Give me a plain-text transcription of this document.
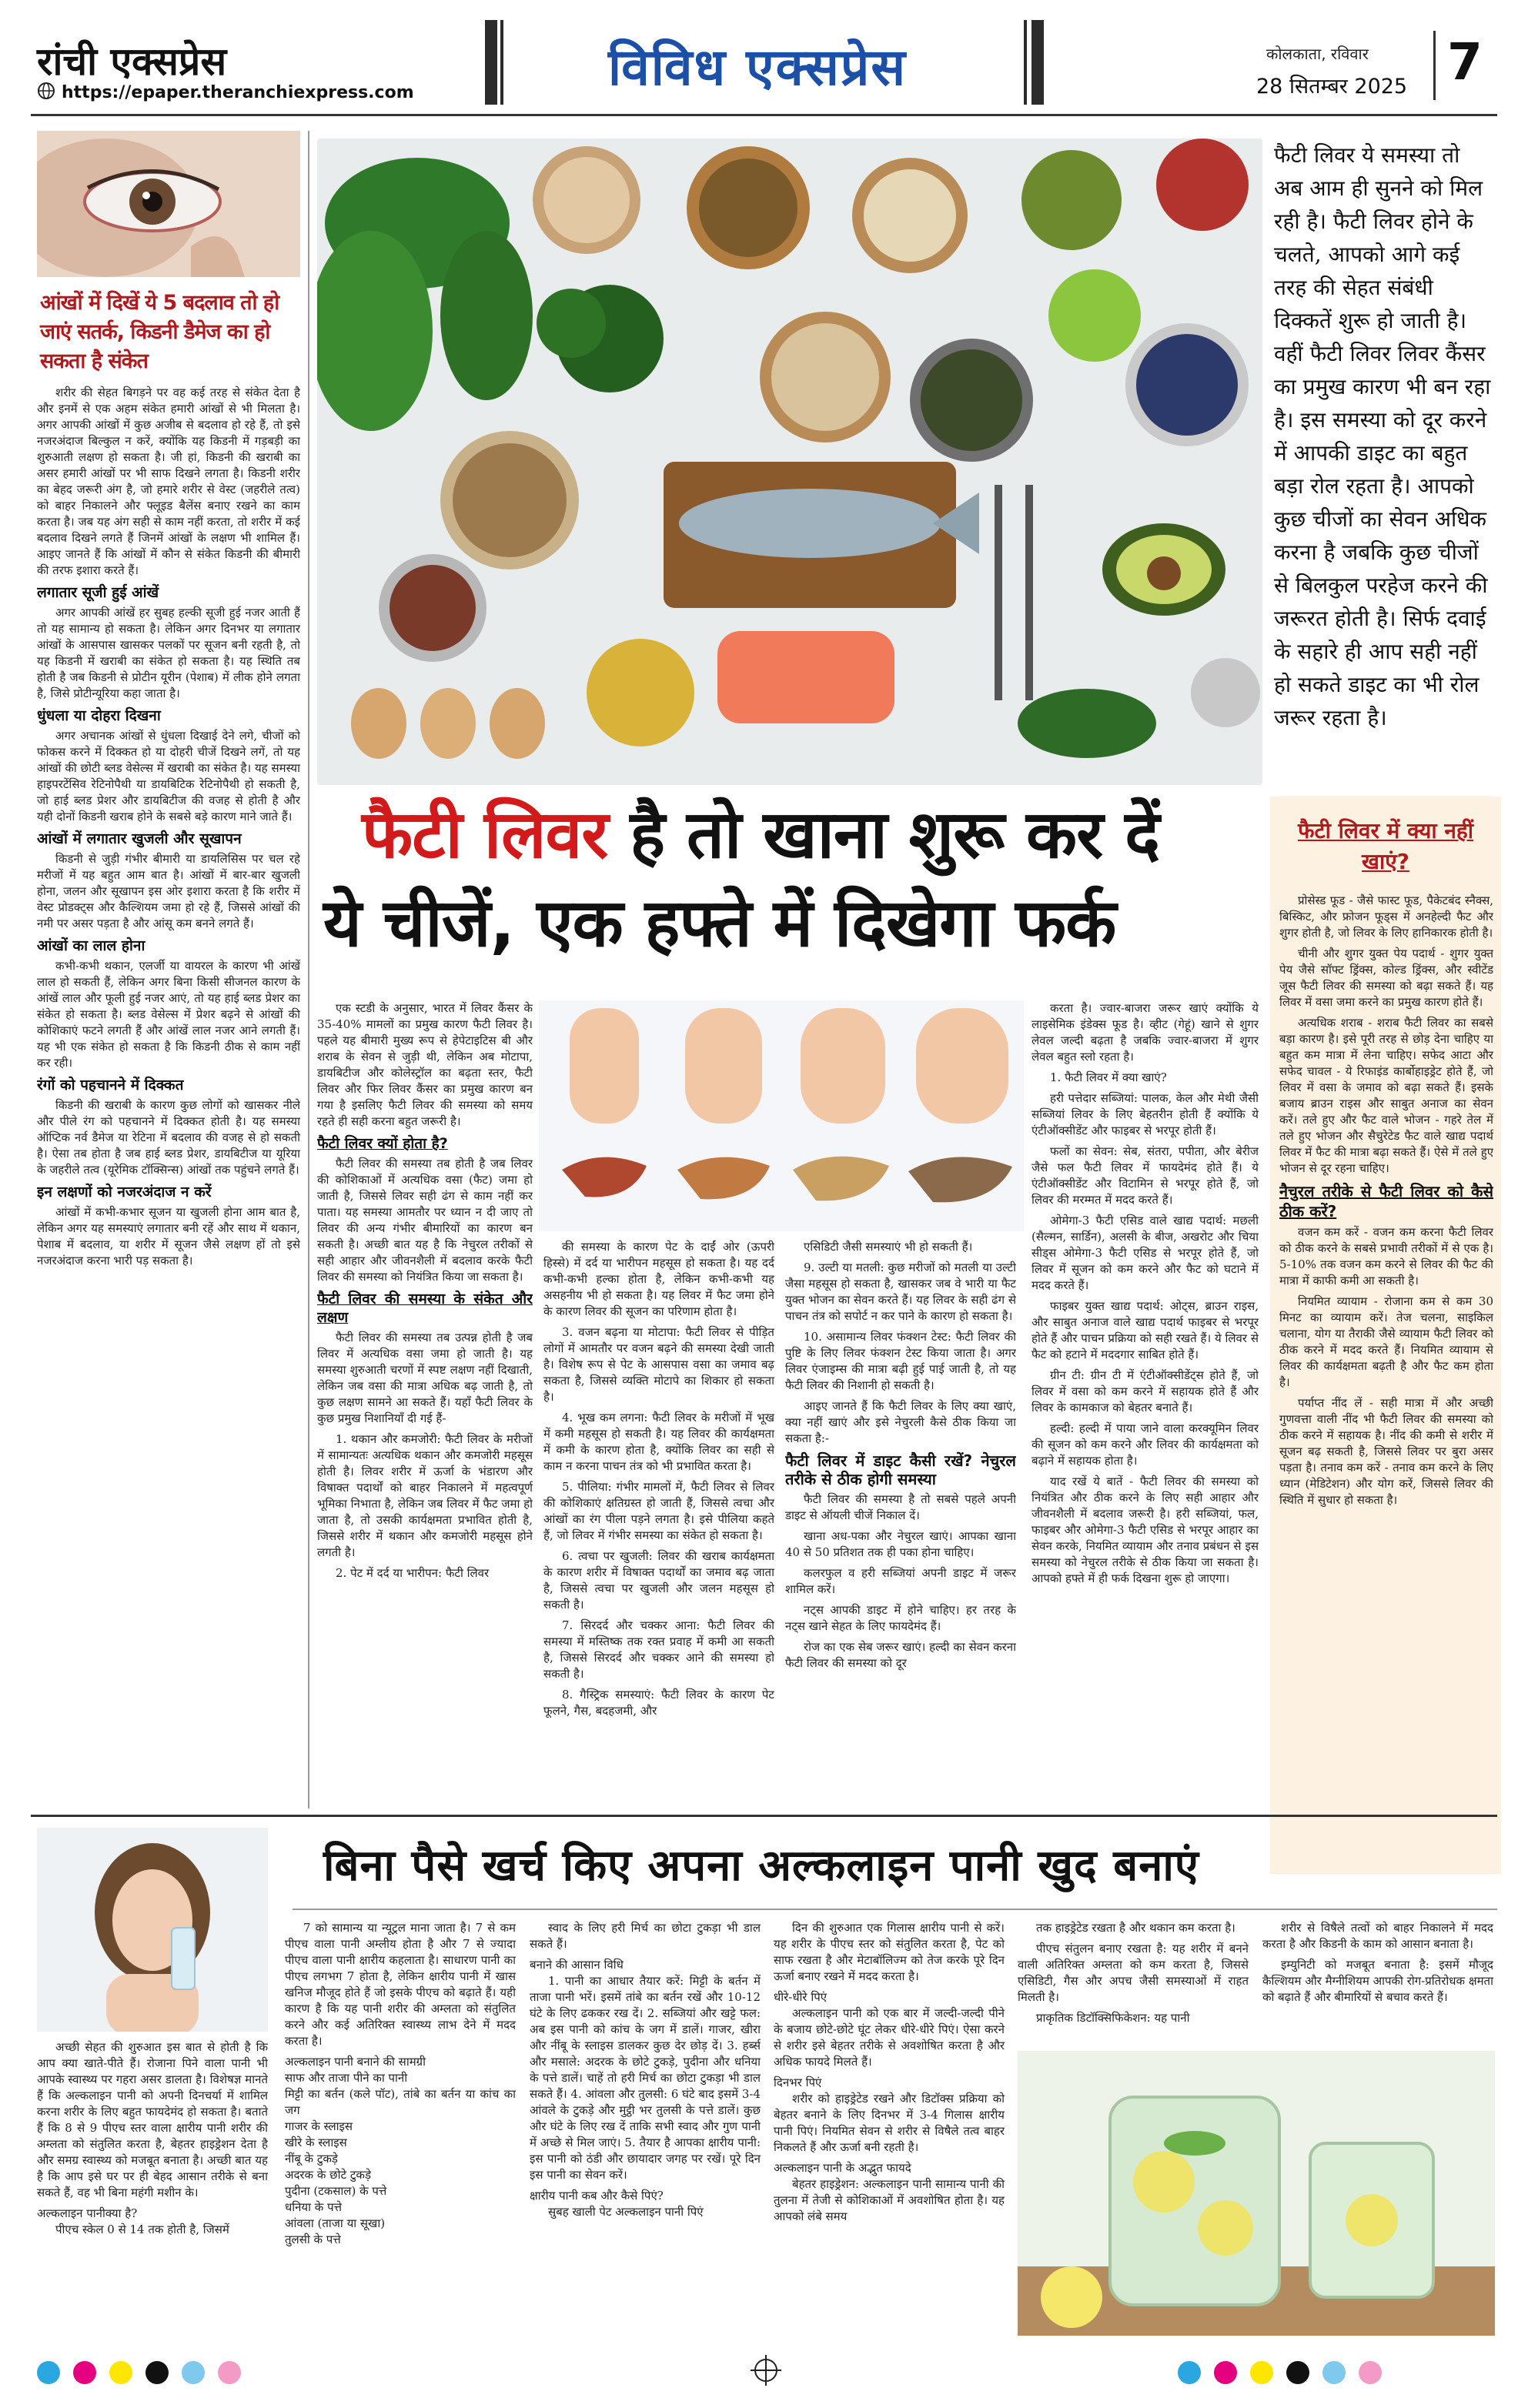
रांची एक्सप्रेस
https://epaper.theranchiexpress.com	विविध एक्सप्रेस	कोलकाता, रविवार
28 सितम्बर 2025 7
आंखों में दिखें ये 5 बदलाव तो हो जाएं सतर्क, किडनी डैमेज का हो सकता है संकेत

शरीर की सेहत बिगड़ने पर वह कई तरह से संकेत देता है और इनमें से एक अहम संकेत हमारी आंखों से भी मिलता है। अगर आपकी आंखों में कुछ अजीब से बदलाव हो रहे हैं, तो इसे नजरअंदाज बिल्कुल न करें, क्योंकि यह किडनी में गड़बड़ी का शुरुआती लक्षण हो सकता है। जी हां, किडनी की खराबी का असर हमारी आंखों पर भी साफ दिखने लगता है। किडनी शरीर का बेहद जरूरी अंग है, जो हमारे शरीर से वेस्ट (जहरीले तत्व) को बाहर निकालने और फ्लूइड बैलेंस बनाए रखने का काम करता है। जब यह अंग सही से काम नहीं करता, तो शरीर में कई बदलाव दिखने लगते हैं जिनमें आंखों के लक्षण भी शामिल हैं। आइए जानते हैं कि आंखों में कौन से संकेत किडनी की बीमारी की तरफ इशारा करते हैं।

लगातार सूजी हुई आंखें

अगर आपकी आंखें हर सुबह हल्की सूजी हुई नजर आती हैं तो यह सामान्य हो सकता है। लेकिन अगर दिनभर या लगातार आंखों के आसपास खासकर पलकों पर सूजन बनी रहती है, तो यह किडनी में खराबी का संकेत हो सकता है। यह स्थिति तब होती है जब किडनी से प्रोटीन यूरीन (पेशाब) में लीक होने लगता है, जिसे प्रोटीन्यूरिया कहा जाता है।

धुंधला या दोहरा दिखना

अगर अचानक आंखों से धुंधला दिखाई देने लगे, चीजों को फोकस करने में दिक्कत हो या दोहरी चीजें दिखने लगें, तो यह आंखों की छोटी ब्लड वेसेल्स में खराबी का संकेत है। यह समस्या हाइपरटेंसिव रेटिनोपैथी या डायबिटिक रेटिनोपैथी हो सकती है, जो हाई ब्लड प्रेशर और डायबिटीज की वजह से होती है और यही दोनों किडनी खराब होने के सबसे बड़े कारण माने जाते हैं।

आंखों में लगातार खुजली और सूखापन

किडनी से जुड़ी गंभीर बीमारी या डायलिसिस पर चल रहे मरीजों में यह बहुत आम बात है। आंखों में बार-बार खुजली होना, जलन और सूखापन इस ओर इशारा करता है कि शरीर में वेस्ट प्रोडक्ट्स और कैल्शियम जमा हो रहे हैं, जिससे आंखों की नमी पर असर पड़ता है और आंसू कम बनने लगते हैं।

आंखों का लाल होना

कभी-कभी थकान, एलर्जी या वायरल के कारण भी आंखें लाल हो सकती हैं, लेकिन अगर बिना किसी सीजनल कारण के आंखें लाल और फूली हुई नजर आएं, तो यह हाई ब्लड प्रेशर का संकेत हो सकता है। ब्लड वेसेल्स में प्रेशर बढ़ने से आंखों की कोशिकाएं फटने लगती हैं और आंखें लाल नजर आने लगती हैं। यह भी एक संकेत हो सकता है कि किडनी ठीक से काम नहीं कर रही।

रंगों को पहचानने में दिक्कत

किडनी की खराबी के कारण कुछ लोगों को खासकर नीले और पीले रंग को पहचानने में दिक्कत होती है। यह समस्या ऑप्टिक नर्व डैमेज या रेटिना में बदलाव की वजह से हो सकती है। ऐसा तब होता है जब हाई ब्लड प्रेशर, डायबिटीज या यूरिया के जहरीले तत्व (यूरेमिक टॉक्सिन्स) आंखों तक पहुंचने लगते हैं।

इन लक्षणों को नजरअंदाज न करें

आंखों में कभी-कभार सूजन या खुजली होना आम बात है, लेकिन अगर यह समस्याएं लगातार बनी रहें और साथ में थकान, पेशाब में बदलाव, या शरीर में सूजन जैसे लक्षण हों तो इसे नजरअंदाज करना भारी पड़ सकता है।

फैटी लिवर ये समस्या तो अब आम ही सुनने को मिल रही है। फैटी लिवर होने के चलते, आपको आगे कई तरह की सेहत संबंधी दिक्कतें शुरू हो जाती है। वहीं फैटी लिवर लिवर कैंसर का प्रमुख कारण भी बन रहा है। इस समस्या को दूर करने में आपकी डाइट का बहुत बड़ा रोल रहता है। आपको कुछ चीजों का सेवन अधिक करना है जबकि कुछ चीजों से बिलकुल परहेज करने की जरूरत होती है। सिर्फ दवाई के सहारे ही आप सही नहीं हो सकते डाइट का भी रोल जरूर रहता है।
फैटी लिवर है तो खाना शुरू कर दें
ये चीजें, एक हफ्ते में दिखेगा फर्क
फैटी लिवर में क्या नहीं खाएं?

प्रोसेस्ड फूड - जैसे फास्ट फूड, पैकेटबंद स्नैक्स, बिस्किट, और फ्रोजन फूड्स में अनहेल्दी फैट और शुगर होती है, जो लिवर के लिए हानिकारक होती है।

चीनी और शुगर युक्त पेय पदार्थ - शुगर युक्त पेय जैसे सॉफ्ट ड्रिंक्स, कोल्ड ड्रिंक्स, और स्वीटेंड जूस फैटी लिवर की समस्या को बढ़ा सकते हैं। यह लिवर में वसा जमा करने का प्रमुख कारण होते हैं।

अत्यधिक शराब - शराब फैटी लिवर का सबसे बड़ा कारण है। इसे पूरी तरह से छोड़ देना चाहिए या बहुत कम मात्रा में लेना चाहिए। सफेद आटा और सफेद चावल - ये रिफाइंड कार्बोहाइड्रेट होते हैं, जो लिवर में वसा के जमाव को बढ़ा सकते हैं। इसके बजाय ब्राउन राइस और साबुत अनाज का सेवन करें। तले हुए और फैट वाले भोजन - गहरे तेल में तले हुए भोजन और सैचुरेटेड फैट वाले खाद्य पदार्थ लिवर में फैट की मात्रा बढ़ा सकते हैं। ऐसे में तले हुए भोजन से दूर रहना चाहिए।

नैचुरल तरीके से फैटी लिवर को कैसे ठीक करें?

वजन कम करें - वजन कम करना फैटी लिवर को ठीक करने के सबसे प्रभावी तरीकों में से एक है। 5-10% तक वजन कम करने से लिवर की फैट की मात्रा में काफी कमी आ सकती है।

नियमित व्यायाम - रोजाना कम से कम 30 मिनट का व्यायाम करें। तेज चलना, साइकिल चलाना, योग या तैराकी जैसे व्यायाम फैटी लिवर को ठीक करने में मदद करते हैं। नियमित व्यायाम से लिवर की कार्यक्षमता बढ़ती है और फैट कम होता है।

पर्याप्त नींद लें - सही मात्रा में और अच्छी गुणवत्ता वाली नींद भी फैटी लिवर की समस्या को ठीक करने में सहायक है। नींद की कमी से शरीर में सूजन बढ़ सकती है, जिससे लिवर पर बुरा असर पड़ता है। तनाव कम करें - तनाव कम करने के लिए ध्यान (मेडिटेशन) और योग करें, जिससे लिवर की स्थिति में सुधार हो सकता है।

एक स्टडी के अनुसार, भारत में लिवर कैंसर के 35-40% मामलों का प्रमुख कारण फैटी लिवर है। पहले यह बीमारी मुख्य रूप से हेपेटाइटिस बी और शराब के सेवन से जुड़ी थी, लेकिन अब मोटापा, डायबिटीज और कोलेस्ट्रॉल का बढ़ता स्तर, फैटी लिवर और फिर लिवर कैंसर का प्रमुख कारण बन गया है इसलिए फैटी लिवर की समस्या को समय रहते ही सही करना बहुत जरूरी है।

फैटी लिवर क्यों होता है?

फैटी लिवर की समस्या तब होती है जब लिवर की कोशिकाओं में अत्यधिक वसा (फैट) जमा हो जाती है, जिससे लिवर सही ढंग से काम नहीं कर पाता। यह समस्या आमतौर पर ध्यान न दी जाए तो लिवर की अन्य गंभीर बीमारियों का कारण बन सकती है। अच्छी बात यह है कि नेचुरल तरीकों से सही आहार और जीवनशैली में बदलाव करके फैटी लिवर की समस्या को नियंत्रित किया जा सकता है।

फैटी लिवर की समस्या के संकेत और लक्षण

फैटी लिवर की समस्या तब उत्पन्न होती है जब लिवर में अत्यधिक वसा जमा हो जाती है। यह समस्या शुरुआती चरणों में स्पष्ट लक्षण नहीं दिखाती, लेकिन जब वसा की मात्रा अधिक बढ़ जाती है, तो कुछ लक्षण सामने आ सकते हैं। यहाँ फैटी लिवर के कुछ प्रमुख निशानियाँ दी गई हैं-

1. थकान और कमजोरी: फैटी लिवर के मरीजों में सामान्यतः अत्यधिक थकान और कमजोरी महसूस होती है। लिवर शरीर में ऊर्जा के भंडारण और विषाक्त पदार्थों को बाहर निकालने में महत्वपूर्ण भूमिका निभाता है, लेकिन जब लिवर में फैट जमा हो जाता है, तो उसकी कार्यक्षमता प्रभावित होती है, जिससे शरीर में थकान और कमजोरी महसूस होने लगती है।

2. पेट में दर्द या भारीपन: फैटी लिवर

की समस्या के कारण पेट के दाईं ओर (ऊपरी हिस्से) में दर्द या भारीपन महसूस हो सकता है। यह दर्द कभी-कभी हल्का होता है, लेकिन कभी-कभी यह असहनीय भी हो सकता है। यह लिवर में फैट जमा होने के कारण लिवर की सूजन का परिणाम होता है।

3. वजन बढ़ना या मोटापा: फैटी लिवर से पीड़ित लोगों में आमतौर पर वजन बढ़ने की समस्या देखी जाती है। विशेष रूप से पेट के आसपास वसा का जमाव बढ़ सकता है, जिससे व्यक्ति मोटापे का शिकार हो सकता है।

4. भूख कम लगना: फैटी लिवर के मरीजों में भूख में कमी महसूस हो सकती है। यह लिवर की कार्यक्षमता में कमी के कारण होता है, क्योंकि लिवर का सही से काम न करना पाचन तंत्र को भी प्रभावित करता है।

5. पीलिया: गंभीर मामलों में, फैटी लिवर से लिवर की कोशिकाएं क्षतिग्रस्त हो जाती हैं, जिससे त्वचा और आंखों का रंग पीला पड़ने लगता है। इसे पीलिया कहते हैं, जो लिवर में गंभीर समस्या का संकेत हो सकता है।

6. त्वचा पर खुजली: लिवर की खराब कार्यक्षमता के कारण शरीर में विषाक्त पदार्थों का जमाव बढ़ जाता है, जिससे त्वचा पर खुजली और जलन महसूस हो सकती है।

7. सिरदर्द और चक्कर आना: फैटी लिवर की समस्या में मस्तिष्क तक रक्त प्रवाह में कमी आ सकती है, जिससे सिरदर्द और चक्कर आने की समस्या हो सकती है।

8. गैस्ट्रिक समस्याएं: फैटी लिवर के कारण पेट फूलने, गैस, बदहजमी, और

एसिडिटी जैसी समस्याएं भी हो सकती हैं।

9. उल्टी या मतली: कुछ मरीजों को मतली या उल्टी जैसा महसूस हो सकता है, खासकर जब वे भारी या फैट युक्त भोजन का सेवन करते हैं। यह लिवर के सही ढंग से पाचन तंत्र को सपोर्ट न कर पाने के कारण हो सकता है।

10. असामान्य लिवर फंक्शन टेस्ट: फैटी लिवर की पुष्टि के लिए लिवर फंक्शन टेस्ट किया जाता है। अगर लिवर एंजाइम्स की मात्रा बढ़ी हुई पाई जाती है, तो यह फैटी लिवर की निशानी हो सकती है।

आइए जानते हैं कि फैटी लिवर के लिए क्या खाएं, क्या नहीं खाएं और इसे नेचुरली कैसे ठीक किया जा सकता है:-

फैटी लिवर में डाइट कैसी रखें? नेचुरल तरीके से ठीक होगी समस्या

फैटी लिवर की समस्या है तो सबसे पहले अपनी डाइट से ऑयली चीजें निकाल दें।

खाना अध-पका और नेचुरल खाएं। आपका खाना 40 से 50 प्रतिशत तक ही पका होना चाहिए।

कलरफुल व हरी सब्जियां अपनी डाइट में जरूर शामिल करें।

नट्स आपकी डाइट में होने चाहिए। हर तरह के नट्स खाने सेहत के लिए फायदेमंद हैं।

रोज का एक सेब जरूर खाएं। हल्दी का सेवन करना फैटी लिवर की समस्या को दूर

करता है। ज्वार-बाजरा जरूर खाएं क्योंकि ये लाइसेमिक इंडेक्स फूड है। व्हीट (गेहूं) खाने से शुगर लेवल जल्दी बढ़ता है जबकि ज्वार-बाजरा में शुगर लेवल बहुत स्लो रहता है।

1. फैटी लिवर में क्या खाएं?

हरी पत्तेदार सब्जियां: पालक, केल और मेथी जैसी सब्जियां लिवर के लिए बेहतरीन होती हैं क्योंकि ये एंटीऑक्सीडेंट और फाइबर से भरपूर होती हैं।

फलों का सेवन: सेब, संतरा, पपीता, और बेरीज जैसे फल फैटी लिवर में फायदेमंद होते हैं। ये एंटीऑक्सीडेंट और विटामिन से भरपूर होते हैं, जो लिवर की मरम्मत में मदद करते हैं।

ओमेगा-3 फैटी एसिड वाले खाद्य पदार्थ: मछली (सैल्मन, सार्डिन), अलसी के बीज, अखरोट और चिया सीड्स ओमेगा-3 फैटी एसिड से भरपूर होते हैं, जो लिवर में सूजन को कम करने और फैट को घटाने में मदद करते हैं।

फाइबर युक्त खाद्य पदार्थ: ओट्स, ब्राउन राइस, और साबुत अनाज वाले खाद्य पदार्थ फाइबर से भरपूर होते हैं और पाचन प्रक्रिया को सही रखते हैं। ये लिवर से फैट को हटाने में मददगार साबित होते हैं।

ग्रीन टी: ग्रीन टी में एंटीऑक्सीडेंट्स होते हैं, जो लिवर में वसा को कम करने में सहायक होते हैं और लिवर के कामकाज को बेहतर बनाते हैं।

हल्दी: हल्दी में पाया जाने वाला करक्यूमिन लिवर की सूजन को कम करने और लिवर की कार्यक्षमता को बढ़ाने में सहायक होता है।

याद रखें ये बातें - फैटी लिवर की समस्या को नियंत्रित और ठीक करने के लिए सही आहार और जीवनशैली में बदलाव जरूरी है। हरी सब्जियां, फल, फाइबर और ओमेगा-3 फैटी एसिड से भरपूर आहार का सेवन करके, नियमित व्यायाम और तनाव प्रबंधन से इस समस्या को नेचुरल तरीके से ठीक किया जा सकता है। आपको हफ्ते में ही फर्क दिखना शुरू हो जाएगा।

बिना पैसे खर्च किए अपना अल्कलाइन पानी खुद बनाएं

अच्छी सेहत की शुरुआत इस बात से होती है कि आप क्या खाते-पीते हैं। रोजाना पिने वाला पानी भी आपके स्वास्थ्य पर गहरा असर डालता है। विशेषज्ञ मानते हैं कि अल्कलाइन पानी को अपनी दिनचर्या में शामिल करना शरीर के लिए बहुत फायदेमंद हो सकता है। बताते हैं कि 8 से 9 पीएच स्तर वाला क्षारीय पानी शरीर की अम्लता को संतुलित करता है, बेहतर हाइड्रेशन देता है और समग्र स्वास्थ्य को मजबूत बनाता है। अच्छी बात यह है कि आप इसे घर पर ही बेहद आसान तरीके से बना सकते हैं, वह भी बिना महंगी मशीन के।

अल्कलाइन पानीक्या है?

पीएच स्केल 0 से 14 तक होती है, जिसमें

7 को सामान्य या न्यूट्रल माना जाता है। 7 से कम पीएच वाला पानी अम्लीय होता है और 7 से ज्यादा पीएच वाला पानी क्षारीय कहलाता है। साधारण पानी का पीएच लगभग 7 होता है, लेकिन क्षारीय पानी में खास खनिज मौजूद होते हैं जो इसके पीएच को बढ़ाते हैं। यही कारण है कि यह पानी शरीर की अम्लता को संतुलित करने और कई अतिरिक्त स्वास्थ्य लाभ देने में मदद करता है।

अल्कलाइन पानी बनाने की सामग्री

साफ और ताजा पीने का पानी

मिट्टी का बर्तन (कले पॉट), तांबे का बर्तन या कांच का जग

गाजर के स्लाइस

खीरे के स्लाइस

नींबू के टुकड़े

अदरक के छोटे टुकड़े

पुदीना (टकसाल) के पत्ते

धनिया के पत्ते

आंवला (ताजा या सूखा)

तुलसी के पत्ते

स्वाद के लिए हरी मिर्च का छोटा टुकड़ा भी डाल सकते हैं।

बनाने की आसान विधि

1. पानी का आधार तैयार करें: मिट्टी के बर्तन में ताजा पानी भरें। इसमें तांबे का बर्तन रखें और 10-12 घंटे के लिए ढककर रख दें। 2. सब्जियां और खट्टे फल: अब इस पानी को कांच के जग में डालें। गाजर, खीरा और नींबू के स्लाइस डालकर कुछ देर छोड़ दें। 3. हर्ब्स और मसाले: अदरक के छोटे टुकड़े, पुदीना और धनिया के पत्ते डालें। चाहें तो हरी मिर्च का छोटा टुकड़ा भी डाल सकते हैं। 4. आंवला और तुलसी: 6 घंटे बाद इसमें 3-4 आंवले के टुकड़े और मुट्ठी भर तुलसी के पत्ते डालें। कुछ और घंटे के लिए रख दें ताकि सभी स्वाद और गुण पानी में अच्छे से मिल जाएं। 5. तैयार है आपका क्षारीय पानी: इस पानी को ठंडी और छायादार जगह पर रखें। पूरे दिन इस पानी का सेवन करें।

क्षारीय पानी कब और कैसे पिएं?

सुबह खाली पेट अल्कलाइन पानी पिएं

दिन की शुरुआत एक गिलास क्षारीय पानी से करें। यह शरीर के पीएच स्तर को संतुलित करता है, पेट को साफ रखता है और मेटाबॉलिज्म को तेज करके पूरे दिन ऊर्जा बनाए रखने में मदद करता है।

धीरे-धीरे पिएं

अल्कलाइन पानी को एक बार में जल्दी-जल्दी पीने के बजाय छोटे-छोटे घूंट लेकर धीरे-धीरे पिएं। ऐसा करने से शरीर इसे बेहतर तरीके से अवशोषित करता है और अधिक फायदे मिलते हैं।

दिनभर पिएं

शरीर को हाइड्रेटेड रखने और डिटॉक्स प्रक्रिया को बेहतर बनाने के लिए दिनभर में 3-4 गिलास क्षारीय पानी पिएं। नियमित सेवन से शरीर से विषैले तत्व बाहर निकलते हैं और ऊर्जा बनी रहती है।

अल्कलाइन पानी के अद्भुत फायदे

बेहतर हाइड्रेशन: अल्कलाइन पानी सामान्य पानी की तुलना में तेजी से कोशिकाओं में अवशोषित होता है। यह आपको लंबे समय

तक हाइड्रेटेड रखता है और थकान कम करता है।

पीएच संतुलन बनाए रखता है: यह शरीर में बनने वाली अतिरिक्त अम्लता को कम करता है, जिससे एसिडिटी, गैस और अपच जैसी समस्याओं में राहत मिलती है।

प्राकृतिक डिटॉक्सिफिकेशन: यह पानी

शरीर से विषैले तत्वों को बाहर निकालने में मदद करता है और किडनी के काम को आसान बनाता है।

इम्युनिटी को मजबूत बनाता है: इसमें मौजूद कैल्शियम और मैग्नीशियम आपकी रोग-प्रतिरोधक क्षमता को बढ़ाते हैं और बीमारियों से बचाव करते हैं।
